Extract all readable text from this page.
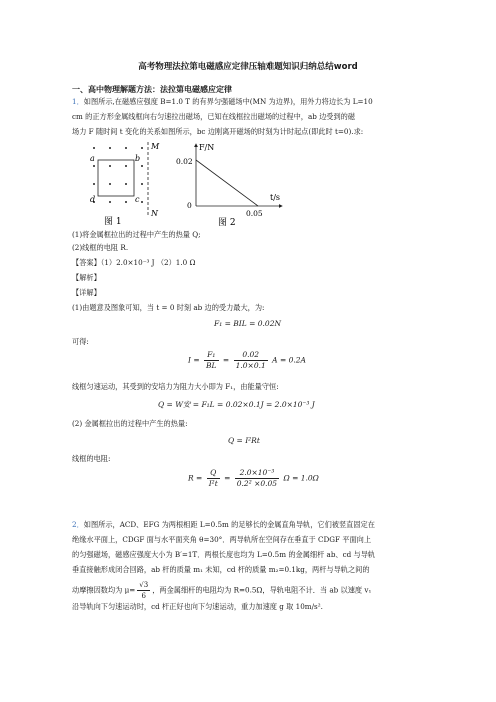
高考物理法拉第电磁感应定律压轴难题知识归纳总结word
一、高中物理解题方法：法拉第电磁感应定律
1．如图所示,在磁感应强度 B=1.0 T 的有界匀强磁场中(MN 为边界)，用外力将边长为 L=10
cm 的正方形金属线框向右匀速拉出磁场，已知在线框拉出磁场的过程中，ab 边受到的磁
场力 F 随时间 t 变化的关系如图所示，bc 边刚离开磁场的时刻为计时起点(即此时 t=0).求:
M
N
a	b
c
d
图 1
F/N
t/s
0.02
0.05
0
图 2
(1)将金属框拉出的过程中产生的热量 Q;
(2)线框的电阻 R.
【答案】（1）2.0×10⁻³ J （2）1.0 Ω
【解析】
【详解】
(1)由题意及图象可知，当 t = 0 时刻 ab 边的受力最大，为:
F₁ = BIL = 0.02N
可得:
$I = \frac{\text{F₁}}{BL} = \frac{0.02}{1.0\times 0.1}$ A = 0.2A
线框匀速运动，其受到的安培力为阻力大小即为 F₁，由能量守恒:
Q = W安 = F₁L = 0.02×0.1J = 2.0×10⁻³ J
(2) 金属框拉出的过程中产生的热量:
Q = I²Rt
线框的电阻:
$R = \frac{Q}{\text{I²t}} = \frac{\text{2.0×10⁻³}}{\text{0.2² ×0.05}}$ Ω = 1.0Ω
2．如图所示，ACD、EFG 为两根相距 L=0.5m 的足够长的金属直角导轨，它们被竖直固定在
绝缘水平面上，CDGF 面与水平面夹角 θ=30°．两导轨所在空间存在垂直于 CDGF 平面向上
的匀强磁场，磁感应强度大小为 B′=1T．两根长度也均为 L=0.5m 的金属细杆 ab、cd 与导轨
垂直接触形成闭合回路，ab 杆的质量 m₁ 未知，cd 杆的质量 m₂=0.1kg，两杆与导轨之间的
动摩擦因数均为 $\mu= \frac{√3}{6}$ ，两金属细杆的电阻均为 R=0.5Ω，导轨电阻不计．当 ab 以速度 v₁
沿导轨向下匀速运动时，cd 杆正好也向下匀速运动，重力加速度 g 取 10m/s².
